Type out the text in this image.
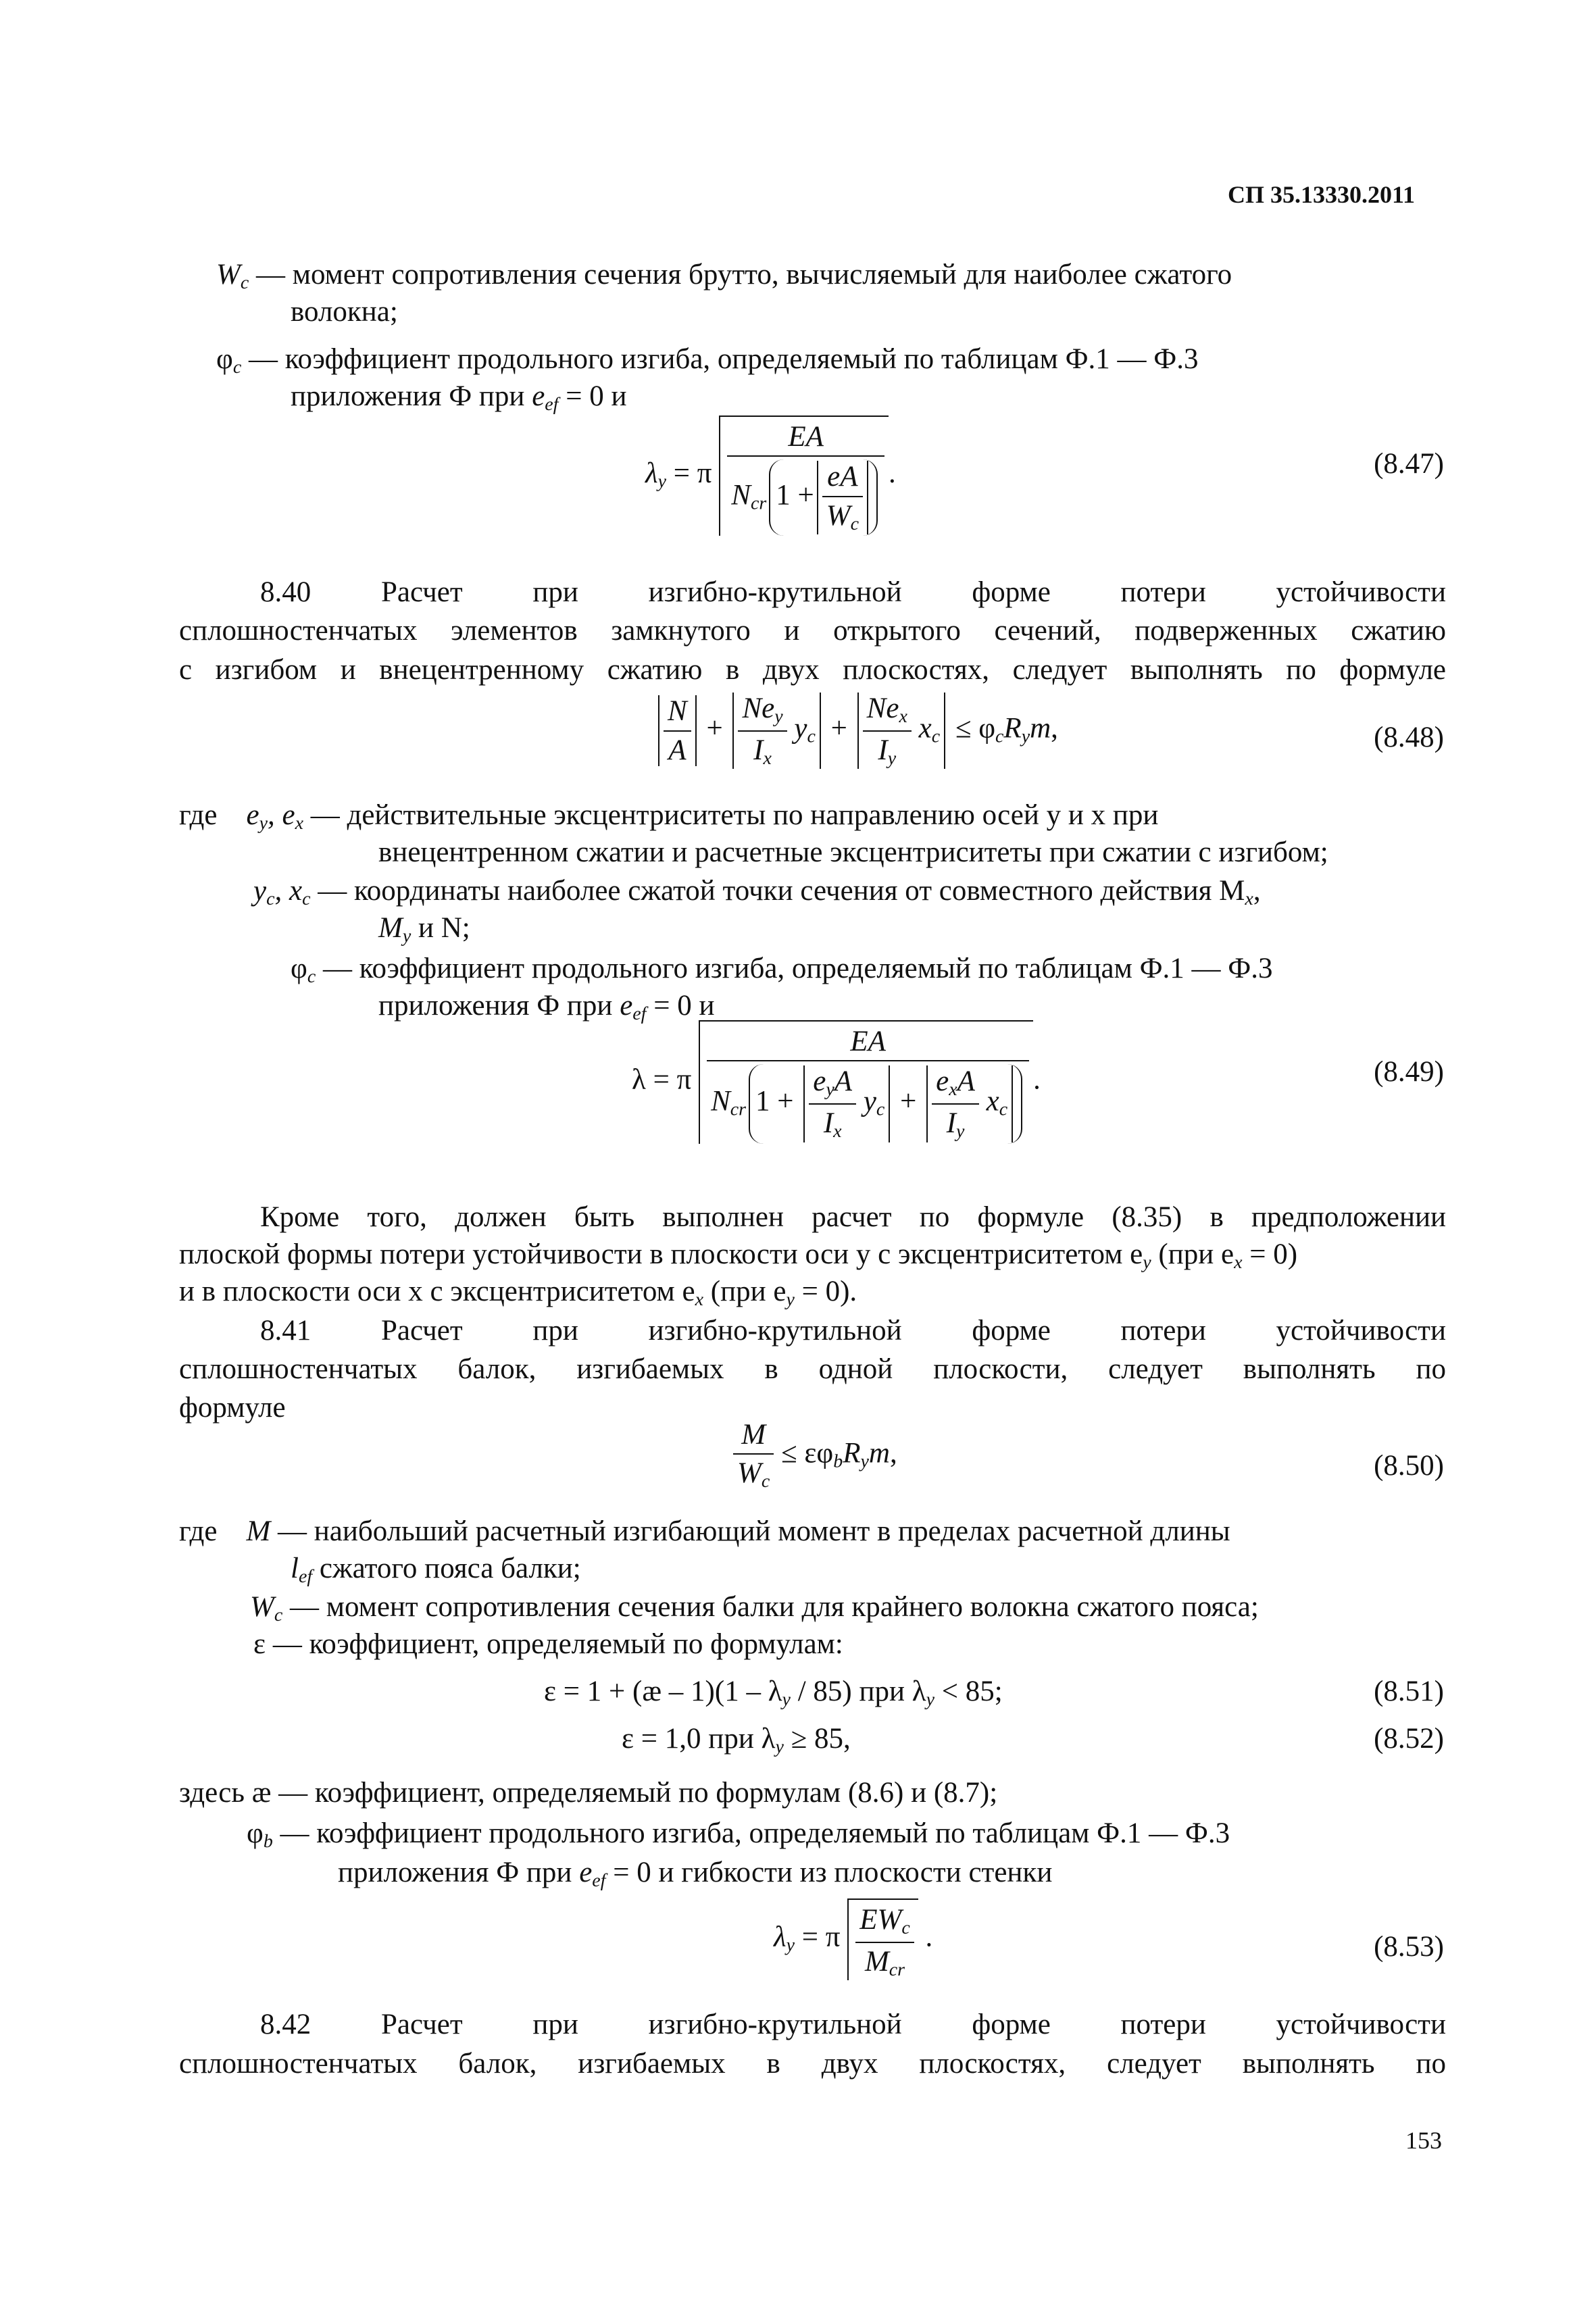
СП 35.13330.2011
$W_c$ — момент сопротивления сечения брутто, вычисляемый для наиболее сжатого
волокна;
$\varphi_c$ — коэффициент продольного изгиба, определяемый по таблицам Ф.1 — Ф.3
приложения Ф при $e_{ef} = 0$ и
$\lambda_y = \pi \frac{EA}{N_{cr} 1 + \frac{eA}{W_c}}$ .	(8.47)
8.40 Расчет при изгибно-крутильной форме потери устойчивости
сплошностенчатых элементов замкнутого и открытого сечений, подверженных сжатию
с изгибом и внецентренному сжатию в двух плоскостях, следует выполнять по формуле
$\frac{N}{A} + \frac{Ne_y}{I_x} y_c + \frac{Ne_x}{I_y} x_c \le \varphi_cR_ym$,	(8.48)
где $e_y$, $e_x$ — действительные эксцентриситеты по направлению осей y и x при
внецентренном сжатии и расчетные эксцентриситеты при сжатии с изгибом;
$y_c$, $x_c$ — координаты наиболее сжатой точки сечения от совместного действия $M_x$,
$M_y$ и N;
$\varphi_c$ — коэффициент продольного изгиба, определяемый по таблицам Ф.1 — Ф.3
приложения Ф при $e_{ef} = 0$ и
λ = π $\frac{EA}{N_{cr} 1 + \frac{e_yA}{I_x} y_c + \frac{e_xA}{I_y} x_c}$ .	(8.49)
Кроме того, должен быть выполнен расчет по формуле (8.35) в предположении
плоской формы потери устойчивости в плоскости оси y с эксцентриситетом $e_y$ (при $e_x = 0$)
и в плоскости оси x с эксцентриситетом $e_x$ (при $e_y = 0$).
8.41 Расчет при изгибно-крутильной форме потери устойчивости
сплошностенчатых балок, изгибаемых в одной плоскости, следует выполнять по
формуле
$\frac{M}{W_c} \le \varepsilon\varphi_bR_ym$,	(8.50)
где M — наибольший расчетный изгибающий момент в пределах расчетной длины
$l_{ef}$ сжатого пояса балки;
$W_c$ — момент сопротивления сечения балки для крайнего волокна сжатого пояса;
ε — коэффициент, определяемый по формулам:
ε = 1 + (æ – $1)(1 - \lambda_y / 85)$ при $\lambda_y < 85$;	(8.51)
ε = 1,0 при $\lambda_y \ge 85$,	(8.52)
здесь æ — коэффициент, определяемый по формулам (8.6) и (8.7);
$\varphi_b$ — коэффициент продольного изгиба, определяемый по таблицам Ф.1 — Ф.3
приложения Ф при $e_{ef} = 0$ и гибкости из плоскости стенки
$\lambda_y = \pi \frac{EW_c}{M_{cr}}$ .	(8.53)
8.42 Расчет при изгибно-крутильной форме потери устойчивости
сплошностенчатых балок, изгибаемых в двух плоскостях, следует выполнять по
153
